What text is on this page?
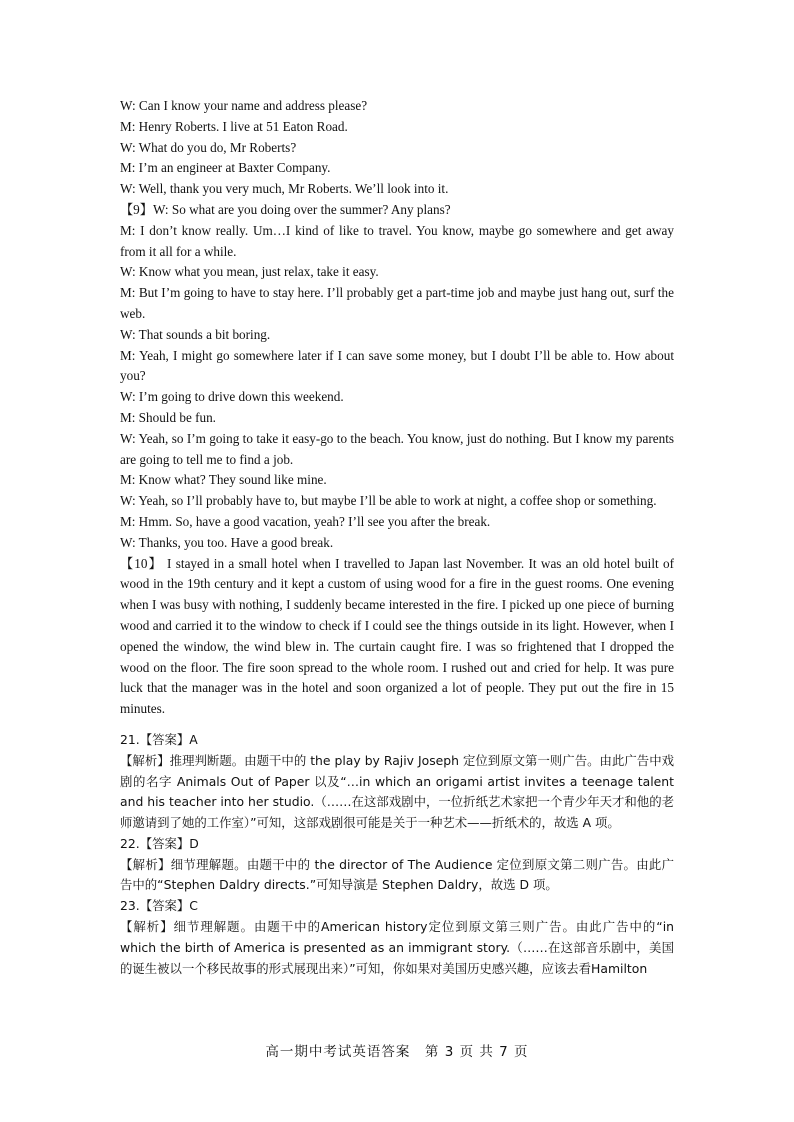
W: Can I know your name and address please?

M: Henry Roberts. I live at 51 Eaton Road.

W: What do you do, Mr Roberts?

M: I’m an engineer at Baxter Company.

W: Well, thank you very much, Mr Roberts. We’ll look into it.

【9】W: So what are you doing over the summer? Any plans?

M: I don’t know really. Um…I kind of like to travel. You know, maybe go somewhere and get away from it all for a while.

W: Know what you mean, just relax, take it easy.

M: But I’m going to have to stay here. I’ll probably get a part-time job and maybe just hang out, surf the web.

W: That sounds a bit boring.

M: Yeah, I might go somewhere later if I can save some money, but I doubt I’ll be able to. How about you?

W: I’m going to drive down this weekend.

M: Should be fun.

W: Yeah, so I’m going to take it easy-go to the beach. You know, just do nothing. But I know my parents are going to tell me to find a job.

M: Know what? They sound like mine.

W: Yeah, so I’ll probably have to, but maybe I’ll be able to work at night, a coffee shop or something.

M: Hmm. So, have a good vacation, yeah? I’ll see you after the break.

W: Thanks, you too. Have a good break.

【10】 I stayed in a small hotel when I travelled to Japan last November. It was an old hotel built of wood in the 19th century and it kept a custom of using wood for a fire in the guest rooms. One evening when I was busy with nothing, I suddenly became interested in the fire. I picked up one piece of burning wood and carried it to the window to check if I could see the things outside in its light. However, when I opened the window, the wind blew in. The curtain caught fire. I was so frightened that I dropped the wood on the floor. The fire soon spread to the whole room. I rushed out and cried for help. It was pure luck that the manager was in the hotel and soon organized a lot of people. They put out the fire in 15 minutes.

21.【答案】A

【解析】推理判断题。由题干中的 the play by Rajiv Joseph 定位到原文第一则广告。由此广告中戏剧的名字 Animals Out of Paper 以及“…in which an origami artist invites a teenage talent and his teacher into her studio.（……在这部戏剧中，一位折纸艺术家把一个青少年天才和他的老师邀请到了她的工作室）”可知，这部戏剧很可能是关于一种艺术——折纸术的，故选 A 项。

22.【答案】D

【解析】细节理解题。由题干中的 the director of The Audience 定位到原文第二则广告。由此广告中的“Stephen Daldry directs.”可知导演是 Stephen Daldry，故选 D 项。

23.【答案】C

【解析】细节理解题。由题干中的American history定位到原文第三则广告。由此广告中的“in which the birth of America is presented as an immigrant story.（……在这部音乐剧中，美国的诞生被以一个移民故事的形式展现出来）”可知，你如果对美国历史感兴趣，应该去看Hamilton

高一期中考试英语答案　第 3 页 共 7 页
